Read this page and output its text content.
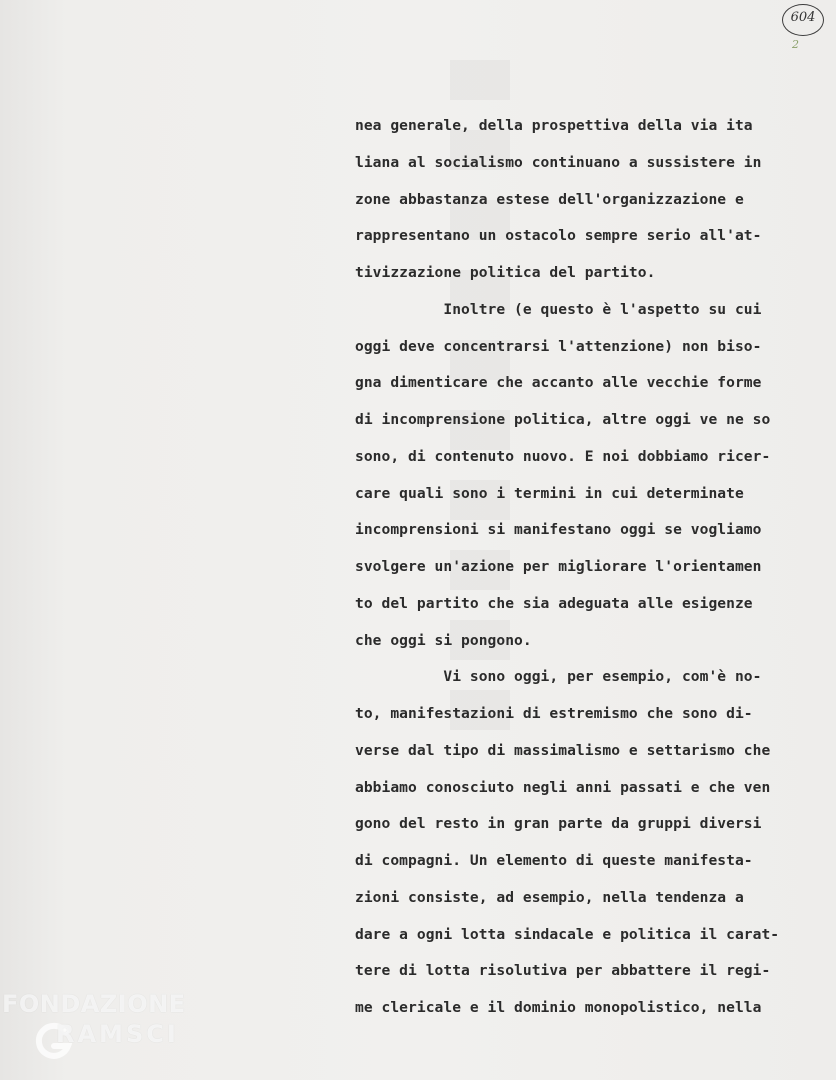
604
2
nea generale, della prospettiva della via ita
liana al socialismo continuano a sussistere in
zone abbastanza estese dell'organizzazione e
rappresentano un ostacolo sempre serio all'at-
tivizzazione politica del partito.
Inoltre (e questo è l'aspetto su cui
oggi deve concentrarsi l'attenzione) non biso-
gna dimenticare che accanto alle vecchie forme
di incomprensione politica, altre oggi ve ne so
sono, di contenuto nuovo. E noi dobbiamo ricer-
care quali sono i termini in cui determinate
incomprensioni si manifestano oggi se vogliamo
svolgere un'azione per migliorare l'orientamen
to del partito che sia adeguata alle esigenze
che oggi si pongono.
Vi sono oggi, per esempio, com'è no-
to, manifestazioni di estremismo che sono di-
verse dal tipo di massimalismo e settarismo che
abbiamo conosciuto negli anni passati e che ven
gono del resto in gran parte da gruppi diversi
di compagni. Un elemento di queste manifesta-
zioni consiste, ad esempio, nella tendenza a
dare a ogni lotta sindacale e politica il carat-
tere di lotta risolutiva per abbattere il regi-
me clericale e il dominio monopolistico, nella
FONDAZIONE
RAMSCI
